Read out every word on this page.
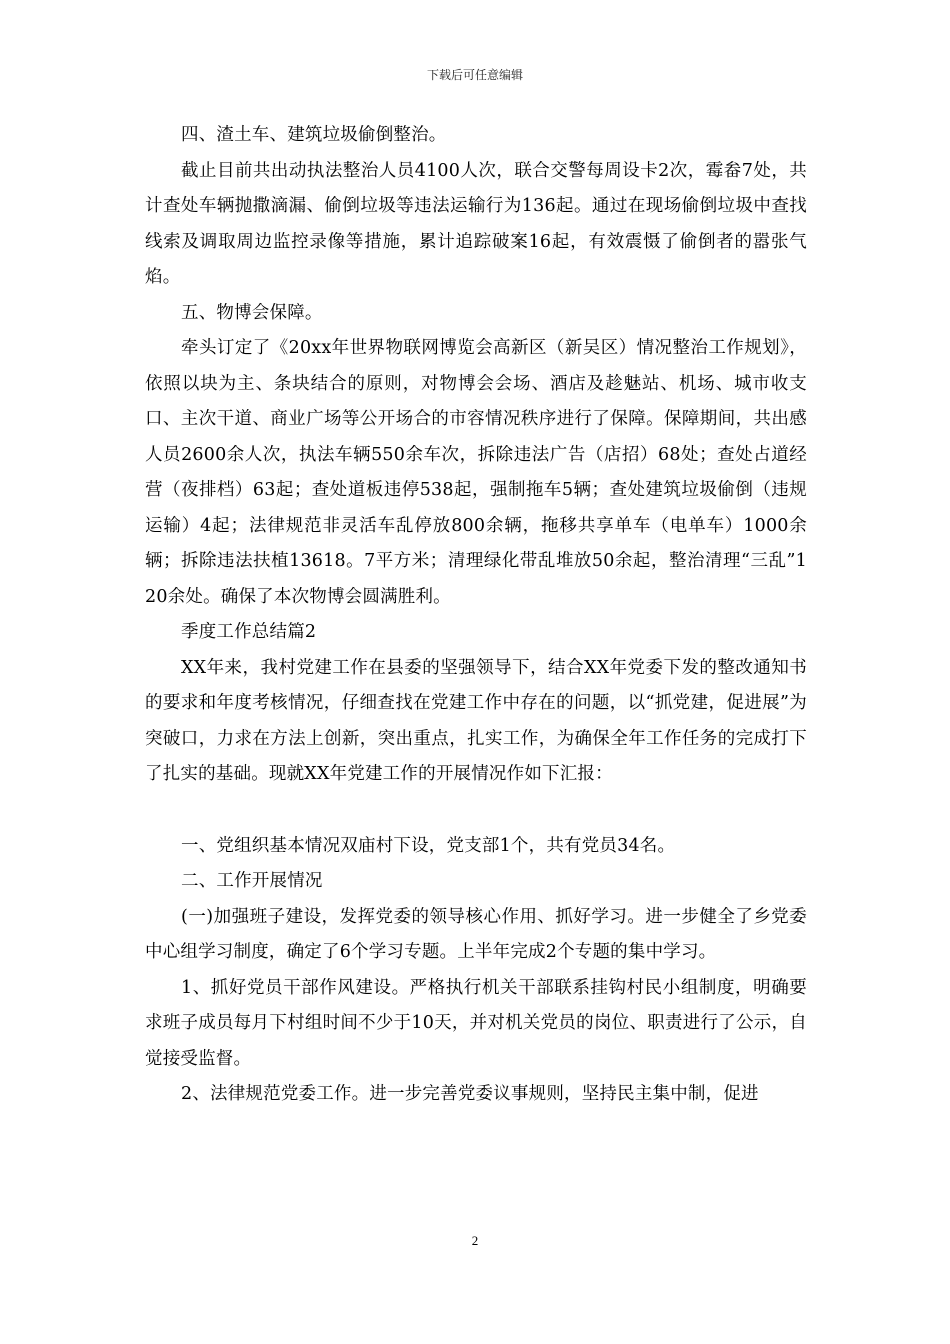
下载后可任意编辑

四、渣土车、建筑垃圾偷倒整治。

截止目前共出动执法整治人员4100人次，联合交警每周设卡2次，霉畚7处，共计查处车辆抛撒滴漏、偷倒垃圾等违法运输行为136起。通过在现场偷倒垃圾中查找线索及调取周边监控录像等措施，累计追踪破案16起，有效震慑了偷倒者的嚣张气焰。

五、物博会保障。

牵头订定了《20xx年世界物联网博览会高新区（新吴区）情况整治工作规划》，依照以块为主、条块结合的原则，对物博会会场、酒店及趁魅站、机场、城市收支口、主次干道、商业广场等公开场合的市容情况秩序进行了保障。保障期间，共出感人员2600余人次，执法车辆550余车次，拆除违法广告（店招）68处；查处占道经营（夜排档）63起；查处道板违停538起，强制拖车5辆；查处建筑垃圾偷倒（违规运输）4起；法律规范非灵活车乱停放800余辆，拖移共享单车（电单车）1000余辆；拆除违法扶植13618。7平方米；清理绿化带乱堆放50余起，整治清理“三乱”120余处。确保了本次物博会圆满胜利。

季度工作总结篇2

XX年来，我村党建工作在县委的坚强领导下，结合XX年党委下发的整改通知书的要求和年度考核情况，仔细查找在党建工作中存在的问题，以“抓党建，促进展”为突破口，力求在方法上创新，突出重点，扎实工作，为确保全年工作任务的完成打下了扎实的基础。现就XX年党建工作的开展情况作如下汇报：

一、党组织基本情况双庙村下设，党支部1个，共有党员34名。

二、工作开展情况

(一)加强班子建设，发挥党委的领导核心作用、抓好学习。进一步健全了乡党委中心组学习制度，确定了6个学习专题。上半年完成2个专题的集中学习。

1、抓好党员干部作风建设。严格执行机关干部联系挂钩村民小组制度，明确要求班子成员每月下村组时间不少于10天，并对机关党员的岗位、职责进行了公示，自觉接受监督。

2、法律规范党委工作。进一步完善党委议事规则，坚持民主集中制，促进

2
